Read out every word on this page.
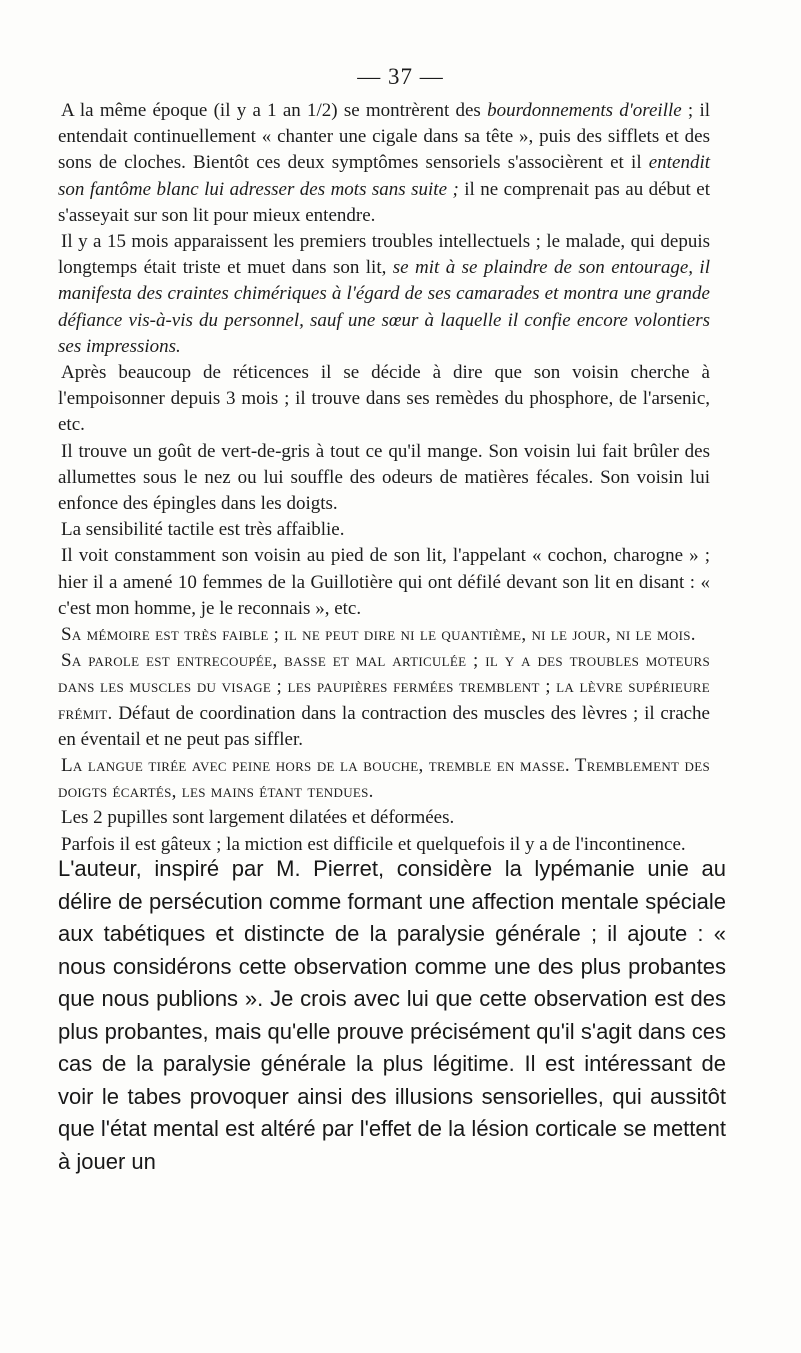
— 37 —

A la même époque (il y a 1 an 1/2) se montrèrent des bourdonnements d'oreille ; il entendait continuellement « chanter une cigale dans sa tête », puis des sifflets et des sons de cloches. Bientôt ces deux symptômes sensoriels s'associèrent et il entendit son fantôme blanc lui adresser des mots sans suite ; il ne comprenait pas au début et s'asseyait sur son lit pour mieux entendre.

Il y a 15 mois apparaissent les premiers troubles intellectuels ; le malade, qui depuis longtemps était triste et muet dans son lit, se mit à se plaindre de son entourage, il manifesta des craintes chimériques à l'égard de ses camarades et montra une grande défiance vis-à-vis du personnel, sauf une sœur à laquelle il confie encore volontiers ses impressions.

Après beaucoup de réticences il se décide à dire que son voisin cherche à l'empoisonner depuis 3 mois ; il trouve dans ses remèdes du phosphore, de l'arsenic, etc.

Il trouve un goût de vert-de-gris à tout ce qu'il mange. Son voisin lui fait brûler des allumettes sous le nez ou lui souffle des odeurs de matières fécales. Son voisin lui enfonce des épingles dans les doigts.

La sensibilité tactile est très affaiblie.

Il voit constamment son voisin au pied de son lit, l'appelant « cochon, charogne » ; hier il a amené 10 femmes de la Guillotière qui ont défilé devant son lit en disant : « c'est mon homme, je le reconnais », etc.

Sa mémoire est très faible ; il ne peut dire ni le quantième, ni le jour, ni le mois.

Sa parole est entrecoupée, basse et mal articulée ; il y a des troubles moteurs dans les muscles du visage ; les paupières fermées tremblent ; la lèvre supérieure frémit. Défaut de coordination dans la contraction des muscles des lèvres ; il crache en éventail et ne peut pas siffler.

La langue tirée avec peine hors de la bouche, tremble en masse. Tremblement des doigts écartés, les mains étant tendues.

Les 2 pupilles sont largement dilatées et déformées.

Parfois il est gâteux ; la miction est difficile et quelquefois il y a de l'incontinence.

L'auteur, inspiré par M. Pierret, considère la lypémanie unie au délire de persécution comme formant une affection mentale spéciale aux tabétiques et distincte de la paralysie générale ; il ajoute : « nous considérons cette observation comme une des plus probantes que nous publions ». Je crois avec lui que cette observation est des plus probantes, mais qu'elle prouve précisément qu'il s'agit dans ces cas de la paralysie générale la plus légitime. Il est intéressant de voir le tabes provoquer ainsi des illusions sensorielles, qui aussitôt que l'état mental est altéré par l'effet de la lésion corticale se mettent à jouer un
